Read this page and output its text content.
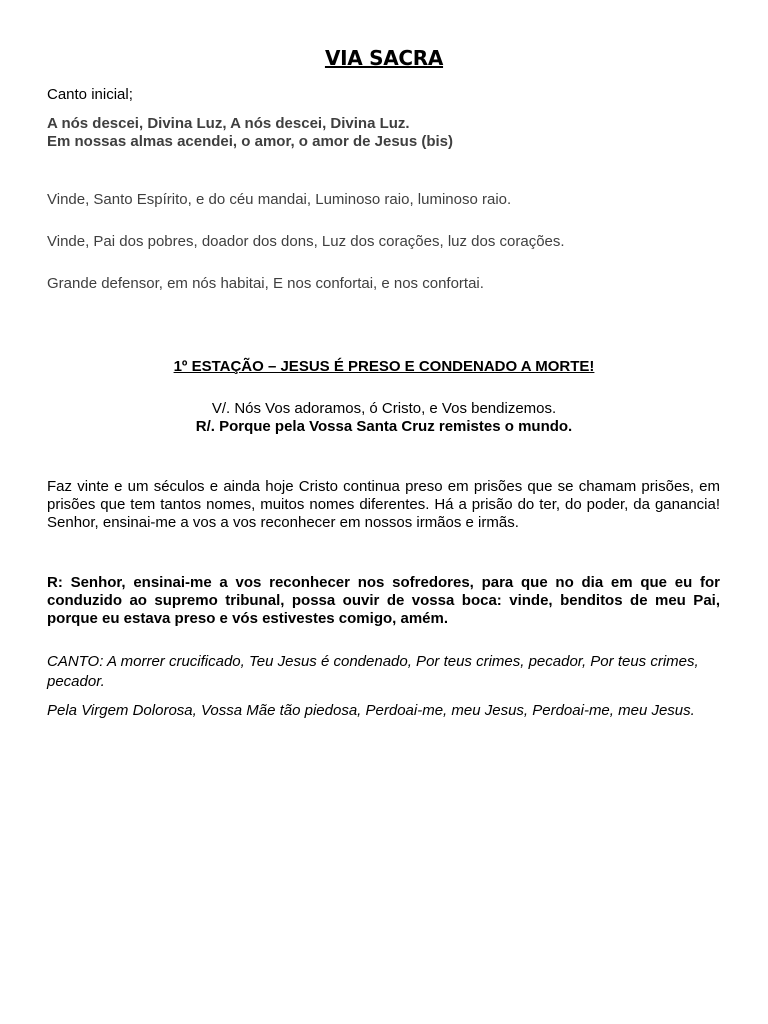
VIA SACRA

Canto inicial;

A nós descei, Divina Luz, A nós descei, Divina Luz.
Em nossas almas acendei, o amor, o amor de Jesus (bis)

Vinde, Santo Espírito, e do céu mandai, Luminoso raio, luminoso raio.

Vinde, Pai dos pobres, doador dos dons, Luz dos corações, luz dos corações.

Grande defensor, em nós habitai, E nos confortai, e nos confortai.

1º ESTAÇÃO – JESUS É PRESO E CONDENADO A MORTE!

V/. Nós Vos adoramos, ó Cristo, e Vos bendizemos.
R/. Porque pela Vossa Santa Cruz remistes o mundo.

Faz vinte e um séculos e ainda hoje Cristo continua preso em prisões que se chamam prisões, em prisões que tem tantos nomes, muitos nomes diferentes. Há a prisão do ter, do poder, da ganancia! Senhor, ensinai-me a vos a vos reconhecer em nossos irmãos e irmãs.

R: Senhor, ensinai-me a vos reconhecer nos sofredores, para que no dia em que eu for conduzido ao supremo tribunal, possa ouvir de vossa boca: vinde, benditos de meu Pai, porque eu estava preso e vós estivestes comigo, amém.

CANTO: A morrer crucificado, Teu Jesus é condenado, Por teus crimes, pecador, Por teus crimes, pecador.

Pela Virgem Dolorosa, Vossa Mãe tão piedosa, Perdoai-me, meu Jesus, Perdoai-me, meu Jesus.
